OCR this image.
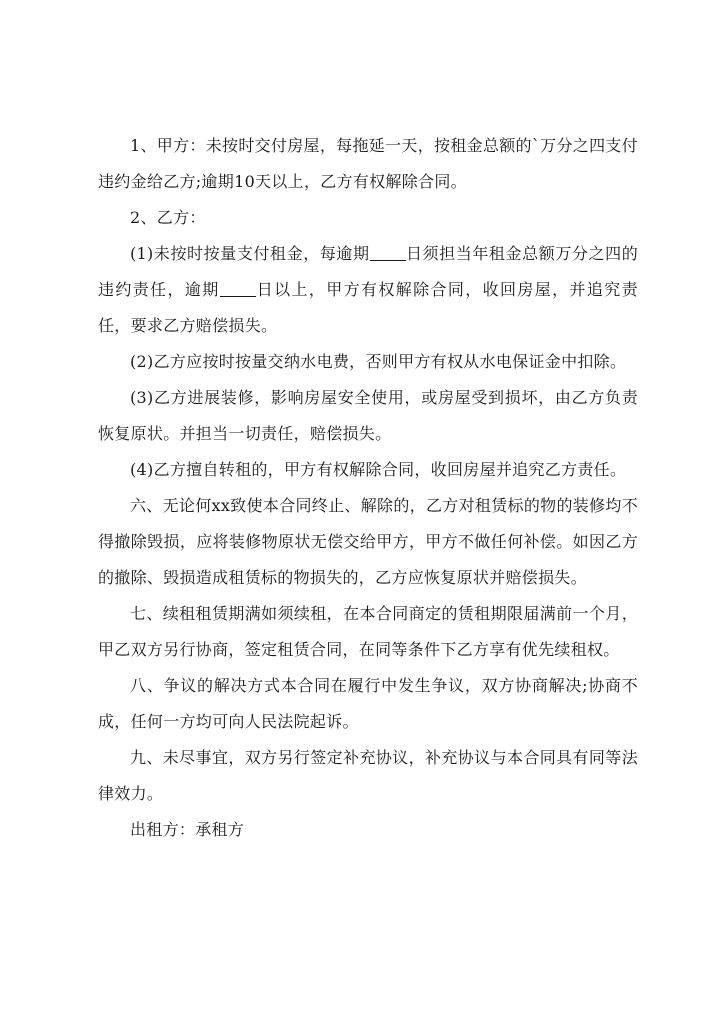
1、甲方：未按时交付房屋，每拖延一天，按租金总额的`万分之四支付违约金给乙方;逾期10天以上，乙方有权解除合同。

2、乙方：

(1)未按时按量支付租金，每逾期 日须担当年租金总额万分之四的违约责任，逾期 日以上，甲方有权解除合同，收回房屋，并追究责任，要求乙方赔偿损失。

(2)乙方应按时按量交纳水电费，否则甲方有权从水电保证金中扣除。

(3)乙方进展装修，影响房屋安全使用，或房屋受到损坏，由乙方负责恢复原状。并担当一切责任，赔偿损失。

(4)乙方擅自转租的，甲方有权解除合同，收回房屋并追究乙方责任。

六、无论何xx致使本合同终止、解除的，乙方对租赁标的物的装修均不得撤除毁损，应将装修物原状无偿交给甲方，甲方不做任何补偿。如因乙方的撤除、毁损造成租赁标的物损失的，乙方应恢复原状并赔偿损失。

七、续租租赁期满如须续租，在本合同商定的赁租期限届满前一个月，甲乙双方另行协商，签定租赁合同，在同等条件下乙方享有优先续租权。

八、争议的解决方式本合同在履行中发生争议，双方协商解决;协商不成，任何一方均可向人民法院起诉。

九、未尽事宜，双方另行签定补充协议，补充协议与本合同具有同等法律效力。

出租方：承租方
